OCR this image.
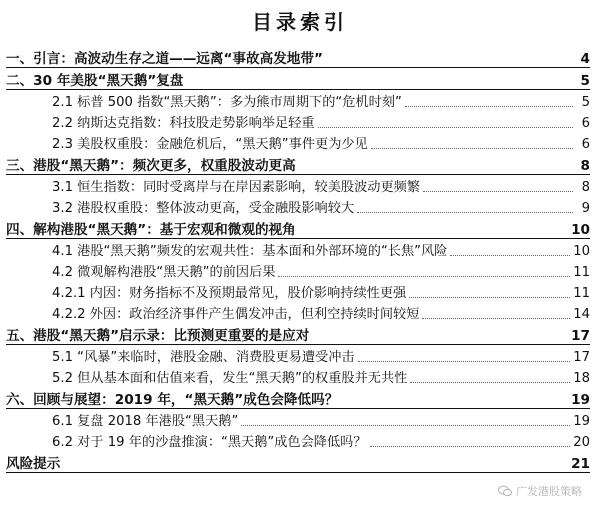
目录索引
一、引言：高波动生存之道——远离“事故高发地带”	4
二、30 年美股“黑天鹅”复盘	5
2.1 标普 500 指数“黑天鹅”：多为熊市周期下的“危机时刻”	5
2.2 纳斯达克指数：科技股走势影响举足轻重	6
2.3 美股权重股：金融危机后，“黑天鹅”事件更为少见	6
三、港股“黑天鹅”：频次更多，权重股波动更高	8
3.1 恒生指数：同时受离岸与在岸因素影响，较美股波动更频繁	8
3.2 港股权重股：整体波动更高，受金融股影响较大	9
四、解构港股“黑天鹅”：基于宏观和微观的视角	10
4.1 港股“黑天鹅”频发的宏观共性：基本面和外部环境的“长焦”风险	10
4.2 微观解构港股“黑天鹅”的前因后果	11
4.2.1 内因：财务指标不及预期最常见，股价影响持续性更强	11
4.2.2 外因：政治经济事件产生偶发冲击，但利空持续时间较短	14
五、港股“黑天鹅”启示录：比预测更重要的是应对	17
5.1 “风暴”来临时，港股金融、消费股更易遭受冲击	17
5.2 但从基本面和估值来看，发生“黑天鹅”的权重股并无共性	18
六、回顾与展望：2019 年，“黑天鹅”成色会降低吗？	19
6.1 复盘 2018 年港股“黑天鹅”	19
6.2 对于 19 年的沙盘推演：“黑天鹅”成色会降低吗？	20
风险提示	21
广发港股策略
